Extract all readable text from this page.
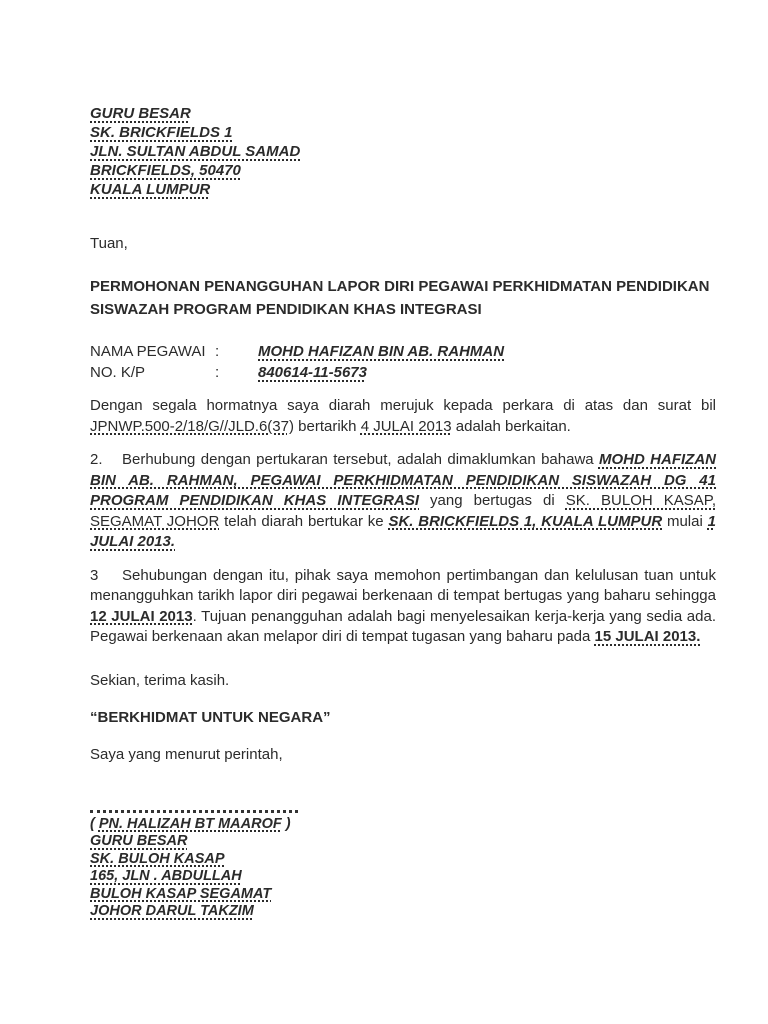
GURU BESAR
SK. BRICKFIELDS 1
JLN. SULTAN ABDUL SAMAD
BRICKFIELDS, 50470
KUALA LUMPUR

Tuan,

PERMOHONAN PENANGGUHAN LAPOR DIRI PEGAWAI PERKHIDMATAN PENDIDIKAN SISWAZAH PROGRAM PENDIDIKAN KHAS INTEGRASI

NAMA PEGAWAI :	MOHD HAFIZAN BIN AB. RAHMAN
NO. K/P	:	840614-11-5673

Dengan segala hormatnya saya diarah merujuk kepada perkara di atas dan surat bil JPNWP.500-2/18/G//JLD.6(37) bertarikh 4 JULAI 2013 adalah berkaitan.

2. Berhubung dengan pertukaran tersebut, adalah dimaklumkan bahawa MOHD HAFIZAN BIN AB. RAHMAN, PEGAWAI PERKHIDMATAN PENDIDIKAN SISWAZAH DG 41 PROGRAM PENDIDIKAN KHAS INTEGRASI yang bertugas di SK. BULOH KASAP, SEGAMAT JOHOR telah diarah bertukar ke SK. BRICKFIELDS 1, KUALA LUMPUR mulai 1 JULAI 2013.

3 Sehubungan dengan itu, pihak saya memohon pertimbangan dan kelulusan tuan untuk menangguhkan tarikh lapor diri pegawai berkenaan di tempat bertugas yang baharu sehingga 12 JULAI 2013. Tujuan penangguhan adalah bagi menyelesaikan kerja-kerja yang sedia ada. Pegawai berkenaan akan melapor diri di tempat tugasan yang baharu pada 15 JULAI 2013.

Sekian, terima kasih.

“BERKHIDMAT UNTUK NEGARA”

Saya yang menurut perintah,

( PN. HALIZAH BT MAAROF )
GURU BESAR
SK. BULOH KASAP
165, JLN . ABDULLAH
BULOH KASAP SEGAMAT
JOHOR DARUL TAKZIM
